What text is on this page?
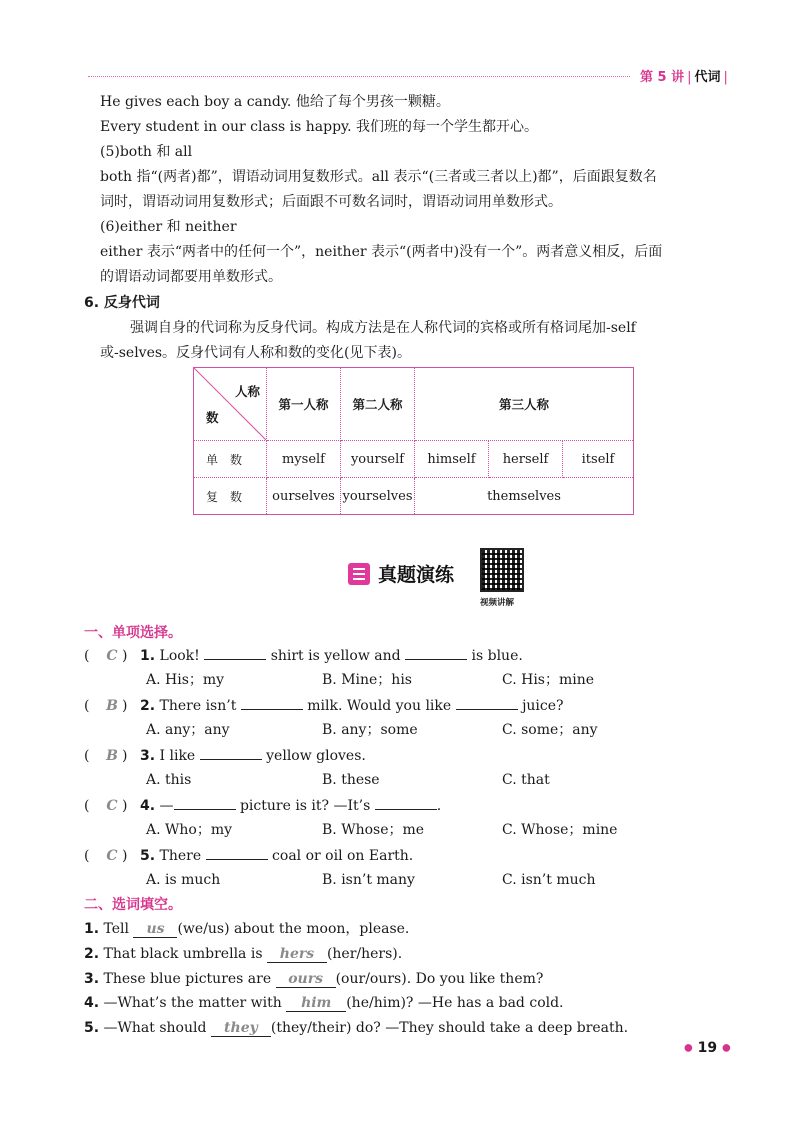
第 5 讲 | 代词 |
He gives each boy a candy. 他给了每个男孩一颗糖。
Every student in our class is happy. 我们班的每一个学生都开心。
(5)both 和 all
both 指“(两者)都”，谓语动词用复数形式。all 表示“(三者或三者以上)都”，后面跟复数名
词时，谓语动词用复数形式；后面跟不可数名词时，谓语动词用单数形式。
(6)either 和 neither
either 表示“两者中的任何一个”，neither 表示“(两者中)没有一个”。两者意义相反，后面
的谓语动词都要用单数形式。
6. 反身代词
强调自身的代词称为反身代词。构成方法是在人称代词的宾格或所有格词尾加-self
或-selves。反身代词有人称和数的变化(见下表)。
人称
数	第一人称	第二人称	第三人称		
单数	myself	yourself	himself	herself	itself
复数	ourselves	yourselves	themselves		
真题演练
视频讲解
一、单项选择。
( C ) 1. Look!	shirt is yellow and	is blue.
A. His；my	B. Mine；his	C. His；mine
( B ) 2. There isn’t	milk. Would you like	juice?
A. any；any	B. any；some	C. some；any
( B ) 3. I like	yellow gloves.
A. this	B. these	C. that
( C ) 4. —	picture is it? —It’s	.
A. Who；my	B. Whose；me	C. Whose；mine
( C ) 5. There	coal or oil on Earth.
A. is much	B. isn’t many	C. isn’t much
二、选词填空。
1. Tell us (we/us) about the moon，please.
2. That black umbrella is hers (her/hers).
3. These blue pictures are ours (our/ours). Do you like them?
4. —What’s the matter with him (he/him)? —He has a bad cold.
5. —What should they (they/their) do? —They should take a deep breath.
● 19 ●
